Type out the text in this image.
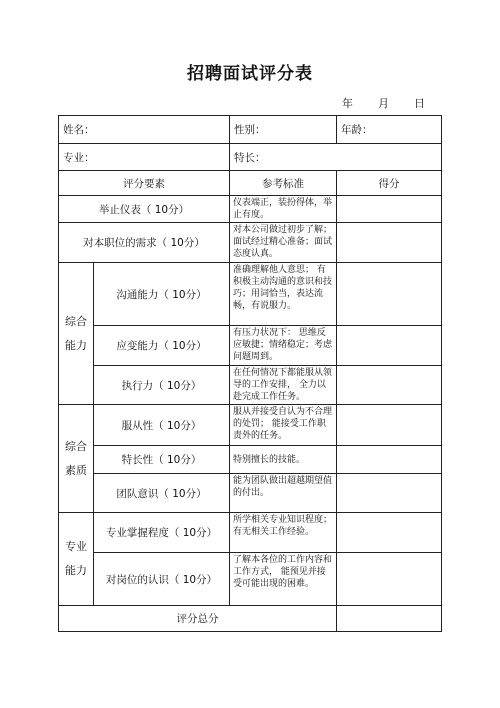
招聘面试评分表
年 月 日
姓名：		性别：	年龄：
专业：		特长：	
评分要素		参考标准	得分
举止仪表（ 10分）		仪表端正，装扮得体，举止有度。	
对本职位的需求（ 10分）		对本公司做过初步了解；面试经过精心准备；面试态度认真。	

综合
能力	沟通能力（ 10分）	准确理解他人意思； 有积极主动沟通的意识和技巧；用词恰当，表达流畅，有说服力。	
	应变能力（ 10分）	有压力状况下： 思维反应敏捷；情绪稳定；考虑问题周到。	
	执行力（ 10分）	在任何情况下都能服从领导的工作安排， 全力以赴完成工作任务。	

综合
素质	服从性（ 10分）	服从并接受自认为不合理的处罚； 能接受工作职责外的任务。	
	特长性（ 10分）	特别擅长的技能。	
	团队意识（ 10分）	能为团队做出超越期望值的付出。	

专业
能力	专业掌握程度（ 10分）	所学相关专业知识程度；有无相关工作经验。	
	对岗位的认识（ 10分）	了解本各位的工作内容和工作方式， 能预见并接受可能出现的困难。	
评分总分			
